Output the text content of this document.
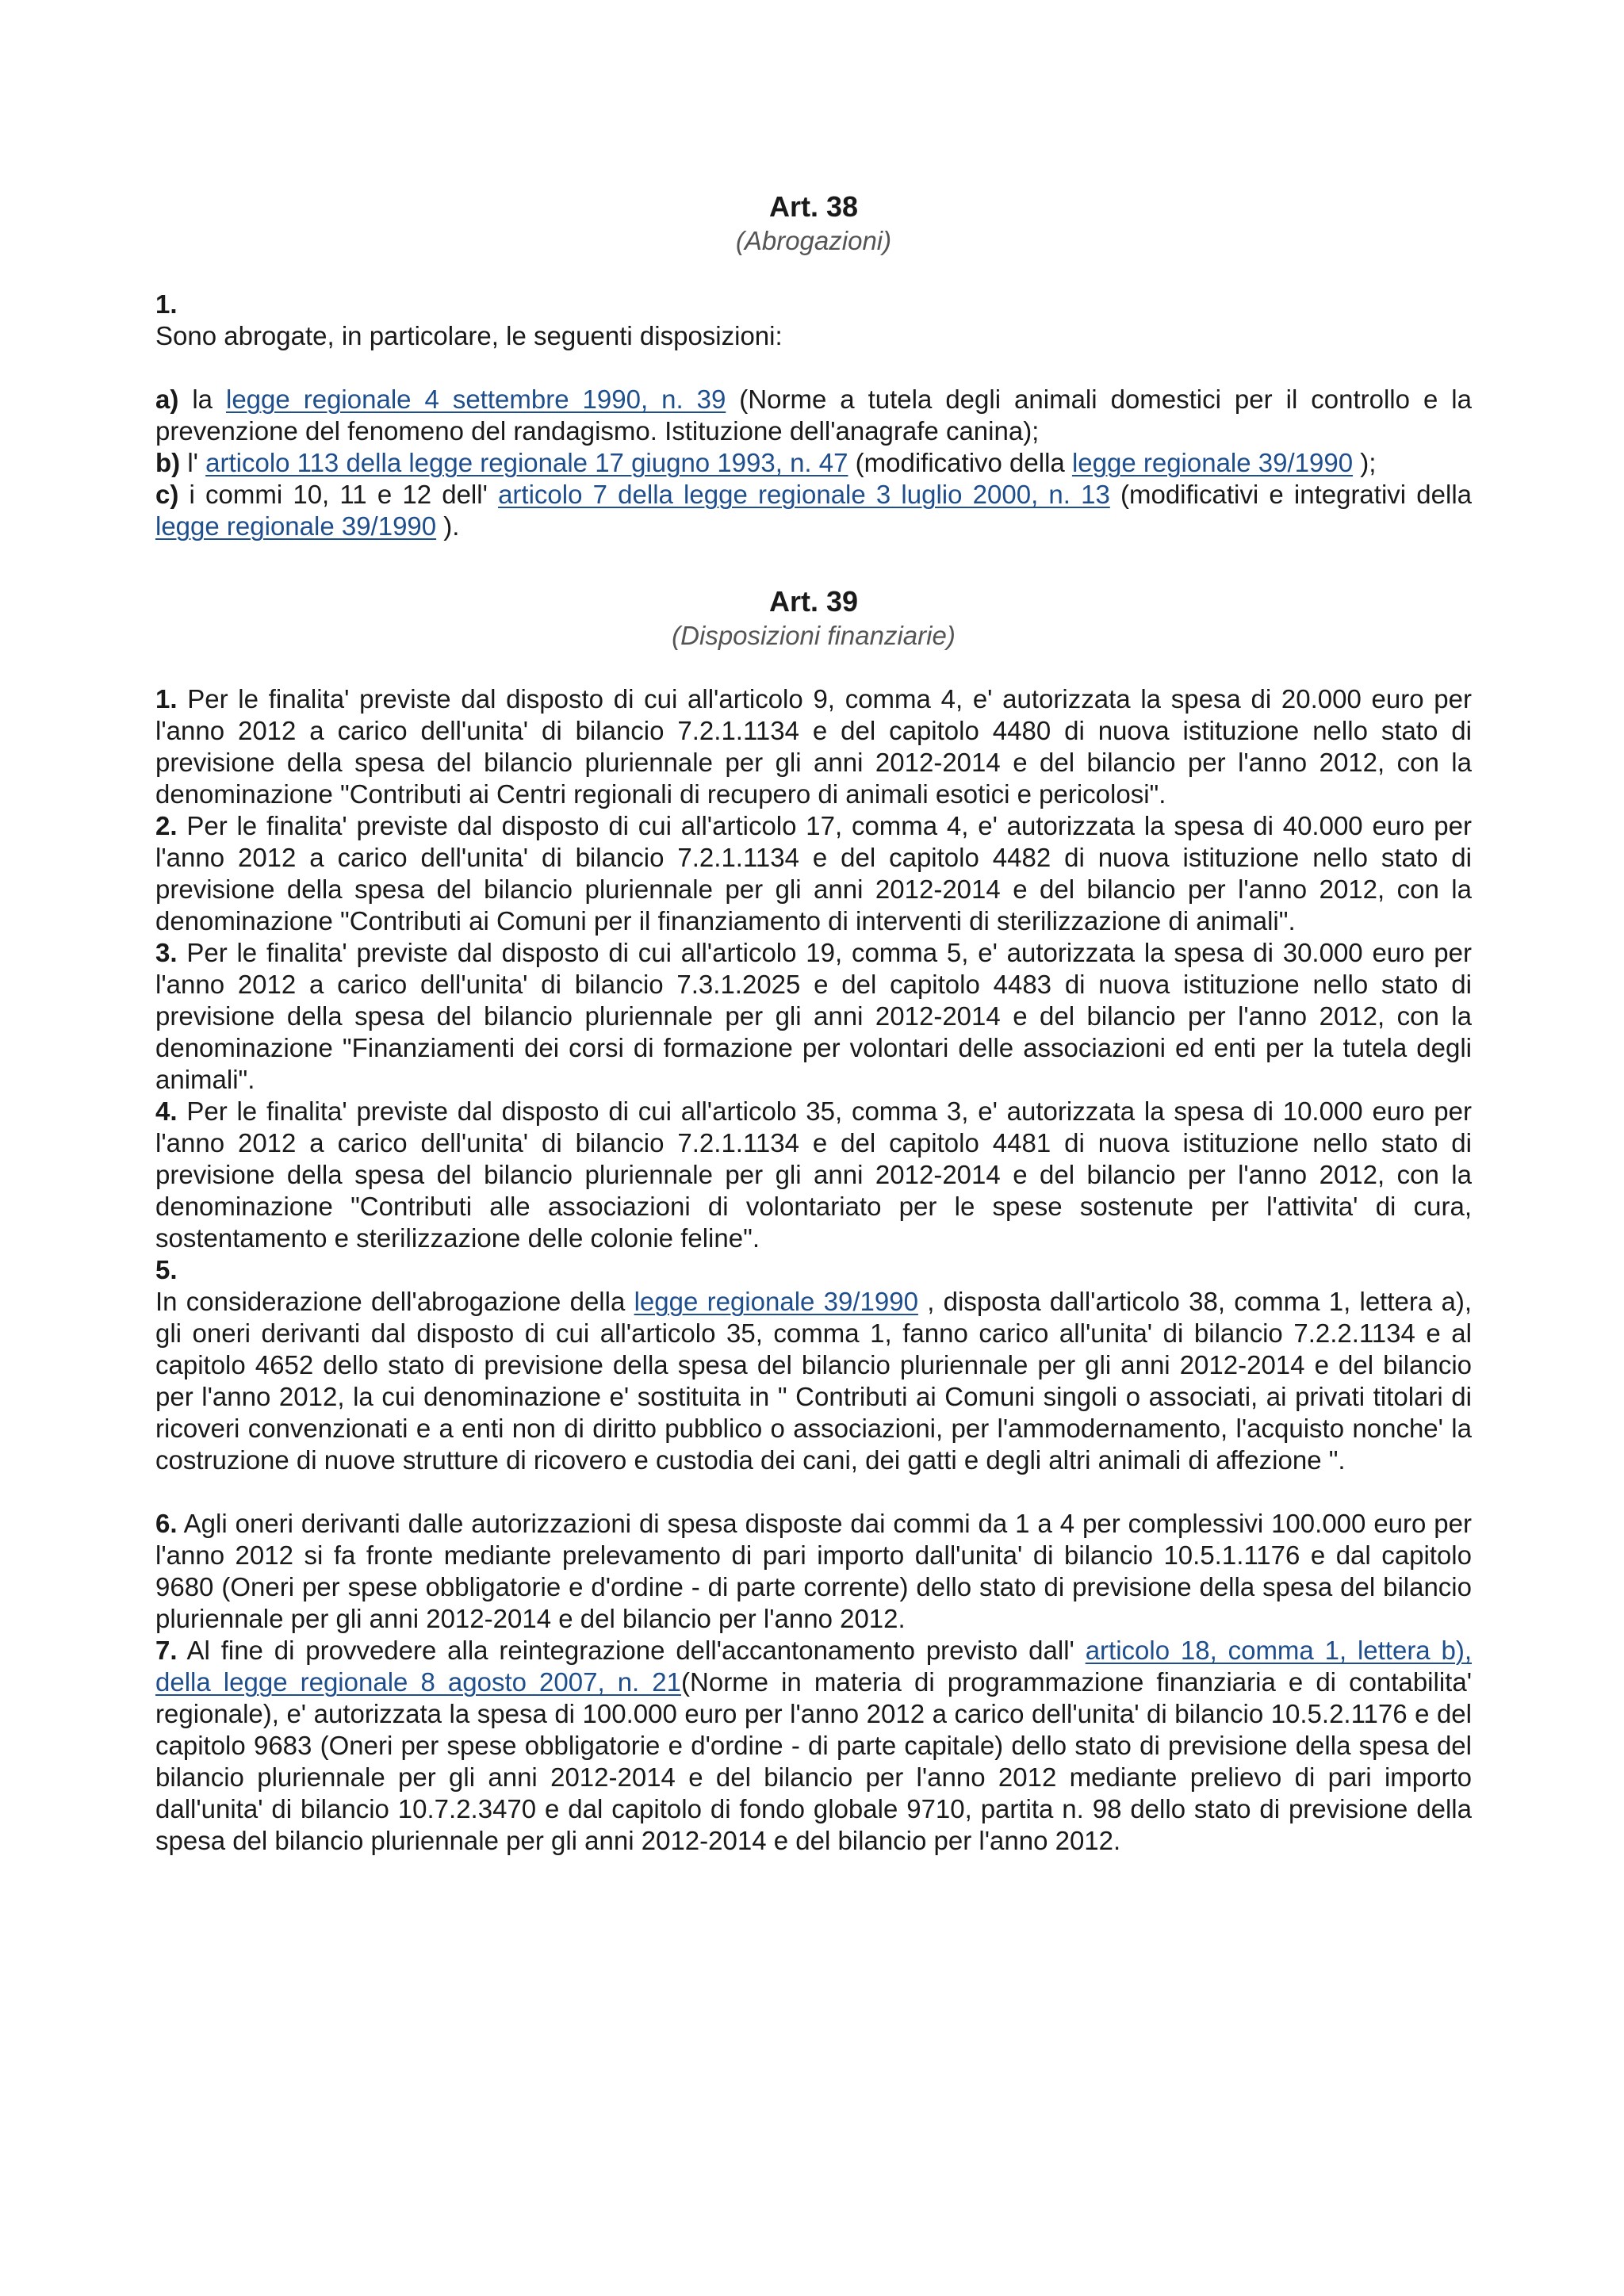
Art. 38

(Abrogazioni)

1.

Sono abrogate, in particolare, le seguenti disposizioni:

a) la legge regionale 4 settembre 1990, n. 39 (Norme a tutela degli animali domestici per il controllo e la prevenzione del fenomeno del randagismo. Istituzione dell'anagrafe canina);

b) l' articolo 113 della legge regionale 17 giugno 1993, n. 47 (modificativo della legge regionale 39/1990 );

c) i commi 10, 11 e 12 dell' articolo 7 della legge regionale 3 luglio 2000, n. 13 (modificativi e integrativi della legge regionale 39/1990 ).

Art. 39

(Disposizioni finanziarie)

1. Per le finalita' previste dal disposto di cui all'articolo 9, comma 4, e' autorizzata la spesa di 20.000 euro per l'anno 2012 a carico dell'unita' di bilancio 7.2.1.1134 e del capitolo 4480 di nuova istituzione nello stato di previsione della spesa del bilancio pluriennale per gli anni 2012-2014 e del bilancio per l'anno 2012, con la denominazione "Contributi ai Centri regionali di recupero di animali esotici e pericolosi".

2. Per le finalita' previste dal disposto di cui all'articolo 17, comma 4, e' autorizzata la spesa di 40.000 euro per l'anno 2012 a carico dell'unita' di bilancio 7.2.1.1134 e del capitolo 4482 di nuova istituzione nello stato di previsione della spesa del bilancio pluriennale per gli anni 2012-2014 e del bilancio per l'anno 2012, con la denominazione "Contributi ai Comuni per il finanziamento di interventi di sterilizzazione di animali".

3. Per le finalita' previste dal disposto di cui all'articolo 19, comma 5, e' autorizzata la spesa di 30.000 euro per l'anno 2012 a carico dell'unita' di bilancio 7.3.1.2025 e del capitolo 4483 di nuova istituzione nello stato di previsione della spesa del bilancio pluriennale per gli anni 2012-2014 e del bilancio per l'anno 2012, con la denominazione "Finanziamenti dei corsi di formazione per volontari delle associazioni ed enti per la tutela degli animali".

4. Per le finalita' previste dal disposto di cui all'articolo 35, comma 3, e' autorizzata la spesa di 10.000 euro per l'anno 2012 a carico dell'unita' di bilancio 7.2.1.1134 e del capitolo 4481 di nuova istituzione nello stato di previsione della spesa del bilancio pluriennale per gli anni 2012-2014 e del bilancio per l'anno 2012, con la denominazione "Contributi alle associazioni di volontariato per le spese sostenute per l'attivita' di cura, sostentamento e sterilizzazione delle colonie feline".

5.

In considerazione dell'abrogazione della legge regionale 39/1990 , disposta dall'articolo 38, comma 1, lettera a), gli oneri derivanti dal disposto di cui all'articolo 35, comma 1, fanno carico all'unita' di bilancio 7.2.2.1134 e al capitolo 4652 dello stato di previsione della spesa del bilancio pluriennale per gli anni 2012-2014 e del bilancio per l'anno 2012, la cui denominazione e' sostituita in " Contributi ai Comuni singoli o associati, ai privati titolari di ricoveri convenzionati e a enti non di diritto pubblico o associazioni, per l'ammodernamento, l'acquisto nonche' la costruzione di nuove strutture di ricovero e custodia dei cani, dei gatti e degli altri animali di affezione ".

6. Agli oneri derivanti dalle autorizzazioni di spesa disposte dai commi da 1 a 4 per complessivi 100.000 euro per l'anno 2012 si fa fronte mediante prelevamento di pari importo dall'unita' di bilancio 10.5.1.1176 e dal capitolo 9680 (Oneri per spese obbligatorie e d'ordine - di parte corrente) dello stato di previsione della spesa del bilancio pluriennale per gli anni 2012-2014 e del bilancio per l'anno 2012.

7. Al fine di provvedere alla reintegrazione dell'accantonamento previsto dall' articolo 18, comma 1, lettera b), della legge regionale 8 agosto 2007, n. 21(Norme in materia di programmazione finanziaria e di contabilita' regionale), e' autorizzata la spesa di 100.000 euro per l'anno 2012 a carico dell'unita' di bilancio 10.5.2.1176 e del capitolo 9683 (Oneri per spese obbligatorie e d'ordine - di parte capitale) dello stato di previsione della spesa del bilancio pluriennale per gli anni 2012-2014 e del bilancio per l'anno 2012 mediante prelievo di pari importo dall'unita' di bilancio 10.7.2.3470 e dal capitolo di fondo globale 9710, partita n. 98 dello stato di previsione della spesa del bilancio pluriennale per gli anni 2012-2014 e del bilancio per l'anno 2012.
